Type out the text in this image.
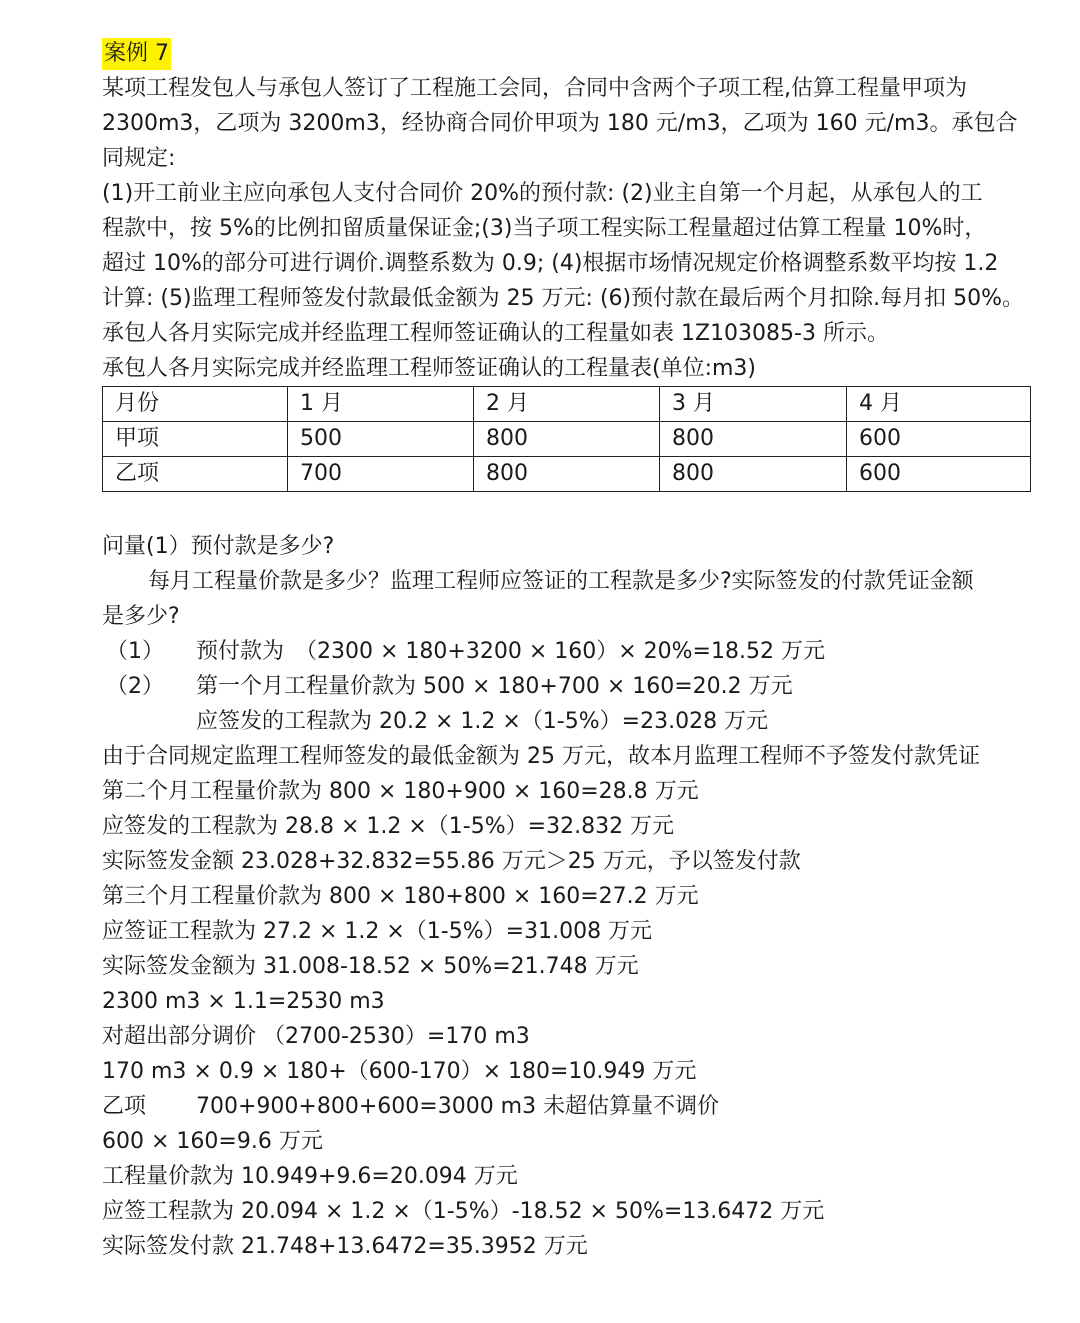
案例 7

某项工程发包人与承包人签订了工程施工会同，合同中含两个子项工程,估算工程量甲项为

2300m3，乙项为 3200m3，经协商合同价甲项为 180 元/m3，乙项为 160 元/m3。承包合

同规定:

(1)开工前业主应向承包人支付合同价 20%的预付款: (2)业主自第一个月起，从承包人的工

程款中，按 5%的比例扣留质量保证金;(3)当子项工程实际工程量超过估算工程量 10%时，

超过 10%的部分可进行调价.调整系数为 0.9; (4)根据市场情况规定价格调整系数平均按 1.2

计算: (5)监理工程师签发付款最低金额为 25 万元: (6)预付款在最后两个月扣除.每月扣 50%。

承包人各月实际完成并经监理工程师签证确认的工程量如表 1Z103085-3 所示。

承包人各月实际完成并经监理工程师签证确认的工程量表(单位:m3)

月份	1 月	2 月	3 月	4 月
甲项	500	800	800	600
乙项	700	800	800	600

问量(1）预付款是多少?

每月工程量价款是多少？监理工程师应签证的工程款是多少?实际签发的付款凭证金额

是多少?

（1）	预付款为　（2300 × 180+3200 × 160）× 20%=18.52 万元
（2）	第一个月工程量价款为 500 × 180+700 × 160=20.2 万元
应签发的工程款为 20.2 × 1.2 ×（1-5%）=23.028 万元

由于合同规定监理工程师签发的最低金额为 25 万元，故本月监理工程师不予签发付款凭证

第二个月工程量价款为 800 × 180+900 × 160=28.8 万元

应签发的工程款为 28.8 × 1.2 ×（1-5%）=32.832 万元

实际签发金额 23.028+32.832=55.86 万元＞25 万元，予以签发付款

第三个月工程量价款为 800 × 180+800 × 160=27.2 万元

应签证工程款为 27.2 × 1.2 ×（1-5%）=31.008 万元

实际签发金额为 31.008-18.52 × 50%=21.748 万元

2300 m3 × 1.1=2530 m3

对超出部分调价 （2700-2530）=170 m3

170 m3 × 0.9 × 180+（600-170）× 180=10.949 万元

乙项	700+900+800+600=3000 m3 未超估算量不调价

600 × 160=9.6 万元

工程量价款为 10.949+9.6=20.094 万元

应签工程款为 20.094 × 1.2 ×（1-5%）-18.52 × 50%=13.6472 万元

实际签发付款 21.748+13.6472=35.3952 万元
